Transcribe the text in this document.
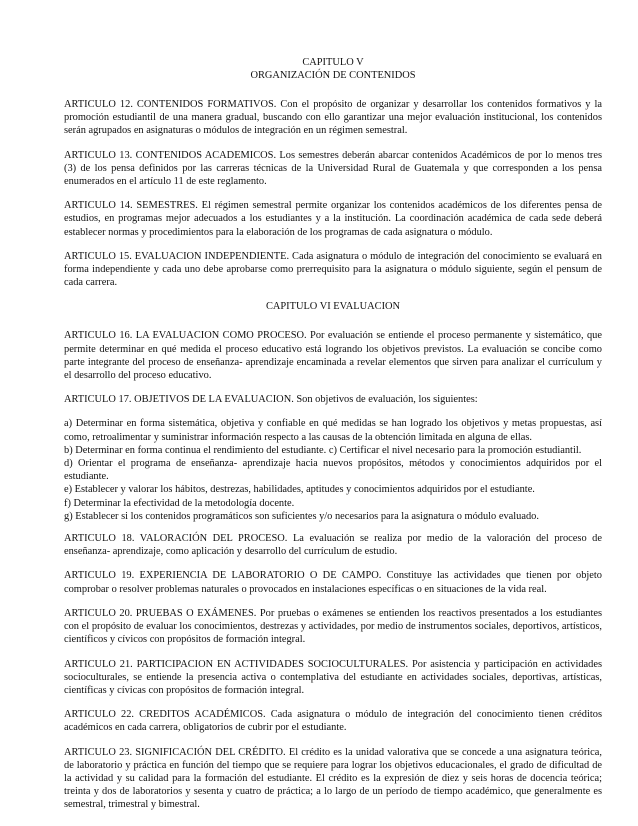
CAPITULO V
ORGANIZACIÓN DE CONTENIDOS

ARTICULO 12. CONTENIDOS FORMATIVOS. Con el propósito de organizar y desarrollar los contenidos formativos y la promoción estudiantil de una manera gradual, buscando con ello garantizar una mejor evaluación institucional, los contenidos serán agrupados en asignaturas o módulos de integración en un régimen semestral.

ARTICULO 13. CONTENIDOS ACADEMICOS. Los semestres deberán abarcar contenidos Académicos de por lo menos tres (3) de los pensa definidos por las carreras técnicas de la Universidad Rural de Guatemala y que corresponden a los pensa enumerados en el artículo 11 de este reglamento.

ARTICULO 14. SEMESTRES. El régimen semestral permite organizar los contenidos académicos de los diferentes pensa de estudios, en programas mejor adecuados a los estudiantes y a la institución. La coordinación académica de cada sede deberá establecer normas y procedimientos para la elaboración de los programas de cada asignatura o módulo.

ARTICULO 15. EVALUACION INDEPENDIENTE. Cada asignatura o módulo de integración del conocimiento se evaluará en forma independiente y cada uno debe aprobarse como prerrequisito para la asignatura o módulo siguiente, según el pensum de cada carrera.

CAPITULO VI EVALUACION

ARTICULO 16. LA EVALUACION COMO PROCESO. Por evaluación se entiende el proceso permanente y sistemático, que permite determinar en qué medida el proceso educativo está logrando los objetivos previstos. La evaluación se concibe como parte integrante del proceso de enseñanza- aprendizaje encaminada a revelar elementos que sirven para analizar el currículum y el desarrollo del proceso educativo.

ARTICULO 17. OBJETIVOS DE LA EVALUACION. Son objetivos de evaluación, los siguientes:

a) Determinar en forma sistemática, objetiva y confiable en qué medidas se han logrado los objetivos y metas propuestas, así como, retroalimentar y suministrar información respecto a las causas de la obtención limitada en alguna de ellas.
b) Determinar en forma continua el rendimiento del estudiante. c) Certificar el nivel necesario para la promoción estudiantil.
d) Orientar el programa de enseñanza- aprendizaje hacia nuevos propósitos, métodos y conocimientos adquiridos por el estudiante.
e) Establecer y valorar los hábitos, destrezas, habilidades, aptitudes y conocimientos adquiridos por el estudiante.
f) Determinar la efectividad de la metodología docente.
g) Establecer si los contenidos programáticos son suficientes y/o necesarios para la asignatura o módulo evaluado.

ARTICULO 18. VALORACIÓN DEL PROCESO. La evaluación se realiza por medio de la valoración del proceso de enseñanza- aprendizaje, como aplicación y desarrollo del currículum de estudio.

ARTICULO 19. EXPERIENCIA DE LABORATORIO O DE CAMPO. Constituye las actividades que tienen por objeto comprobar o resolver problemas naturales o provocados en instalaciones específicas o en situaciones de la vida real.

ARTICULO 20. PRUEBAS O EXÁMENES. Por pruebas o exámenes se entienden los reactivos presentados a los estudiantes con el propósito de evaluar los conocimientos, destrezas y actividades, por medio de instrumentos sociales, deportivos, artísticos, científicos y cívicos con propósitos de formación integral.

ARTICULO 21. PARTICIPACION EN ACTIVIDADES SOCIOCULTURALES. Por asistencia y participación en actividades socioculturales, se entiende la presencia activa o contemplativa del estudiante en actividades sociales, deportivas, artísticas, científicas y cívicas con propósitos de formación integral.

ARTICULO 22. CREDITOS ACADÉMICOS. Cada asignatura o módulo de integración del conocimiento tienen créditos académicos en cada carrera, obligatorios de cubrir por el estudiante.

ARTICULO 23. SIGNIFICACIÓN DEL CRÉDITO. El crédito es la unidad valorativa que se concede a una asignatura teórica, de laboratorio y práctica en función del tiempo que se requiere para lograr los objetivos educacionales, el grado de dificultad de la actividad y su calidad para la formación del estudiante. El crédito es la expresión de diez y seis horas de docencia teórica; treinta y dos de laboratorios y sesenta y cuatro de práctica; a lo largo de un período de tiempo académico, que generalmente es semestral, trimestral y bimestral.
